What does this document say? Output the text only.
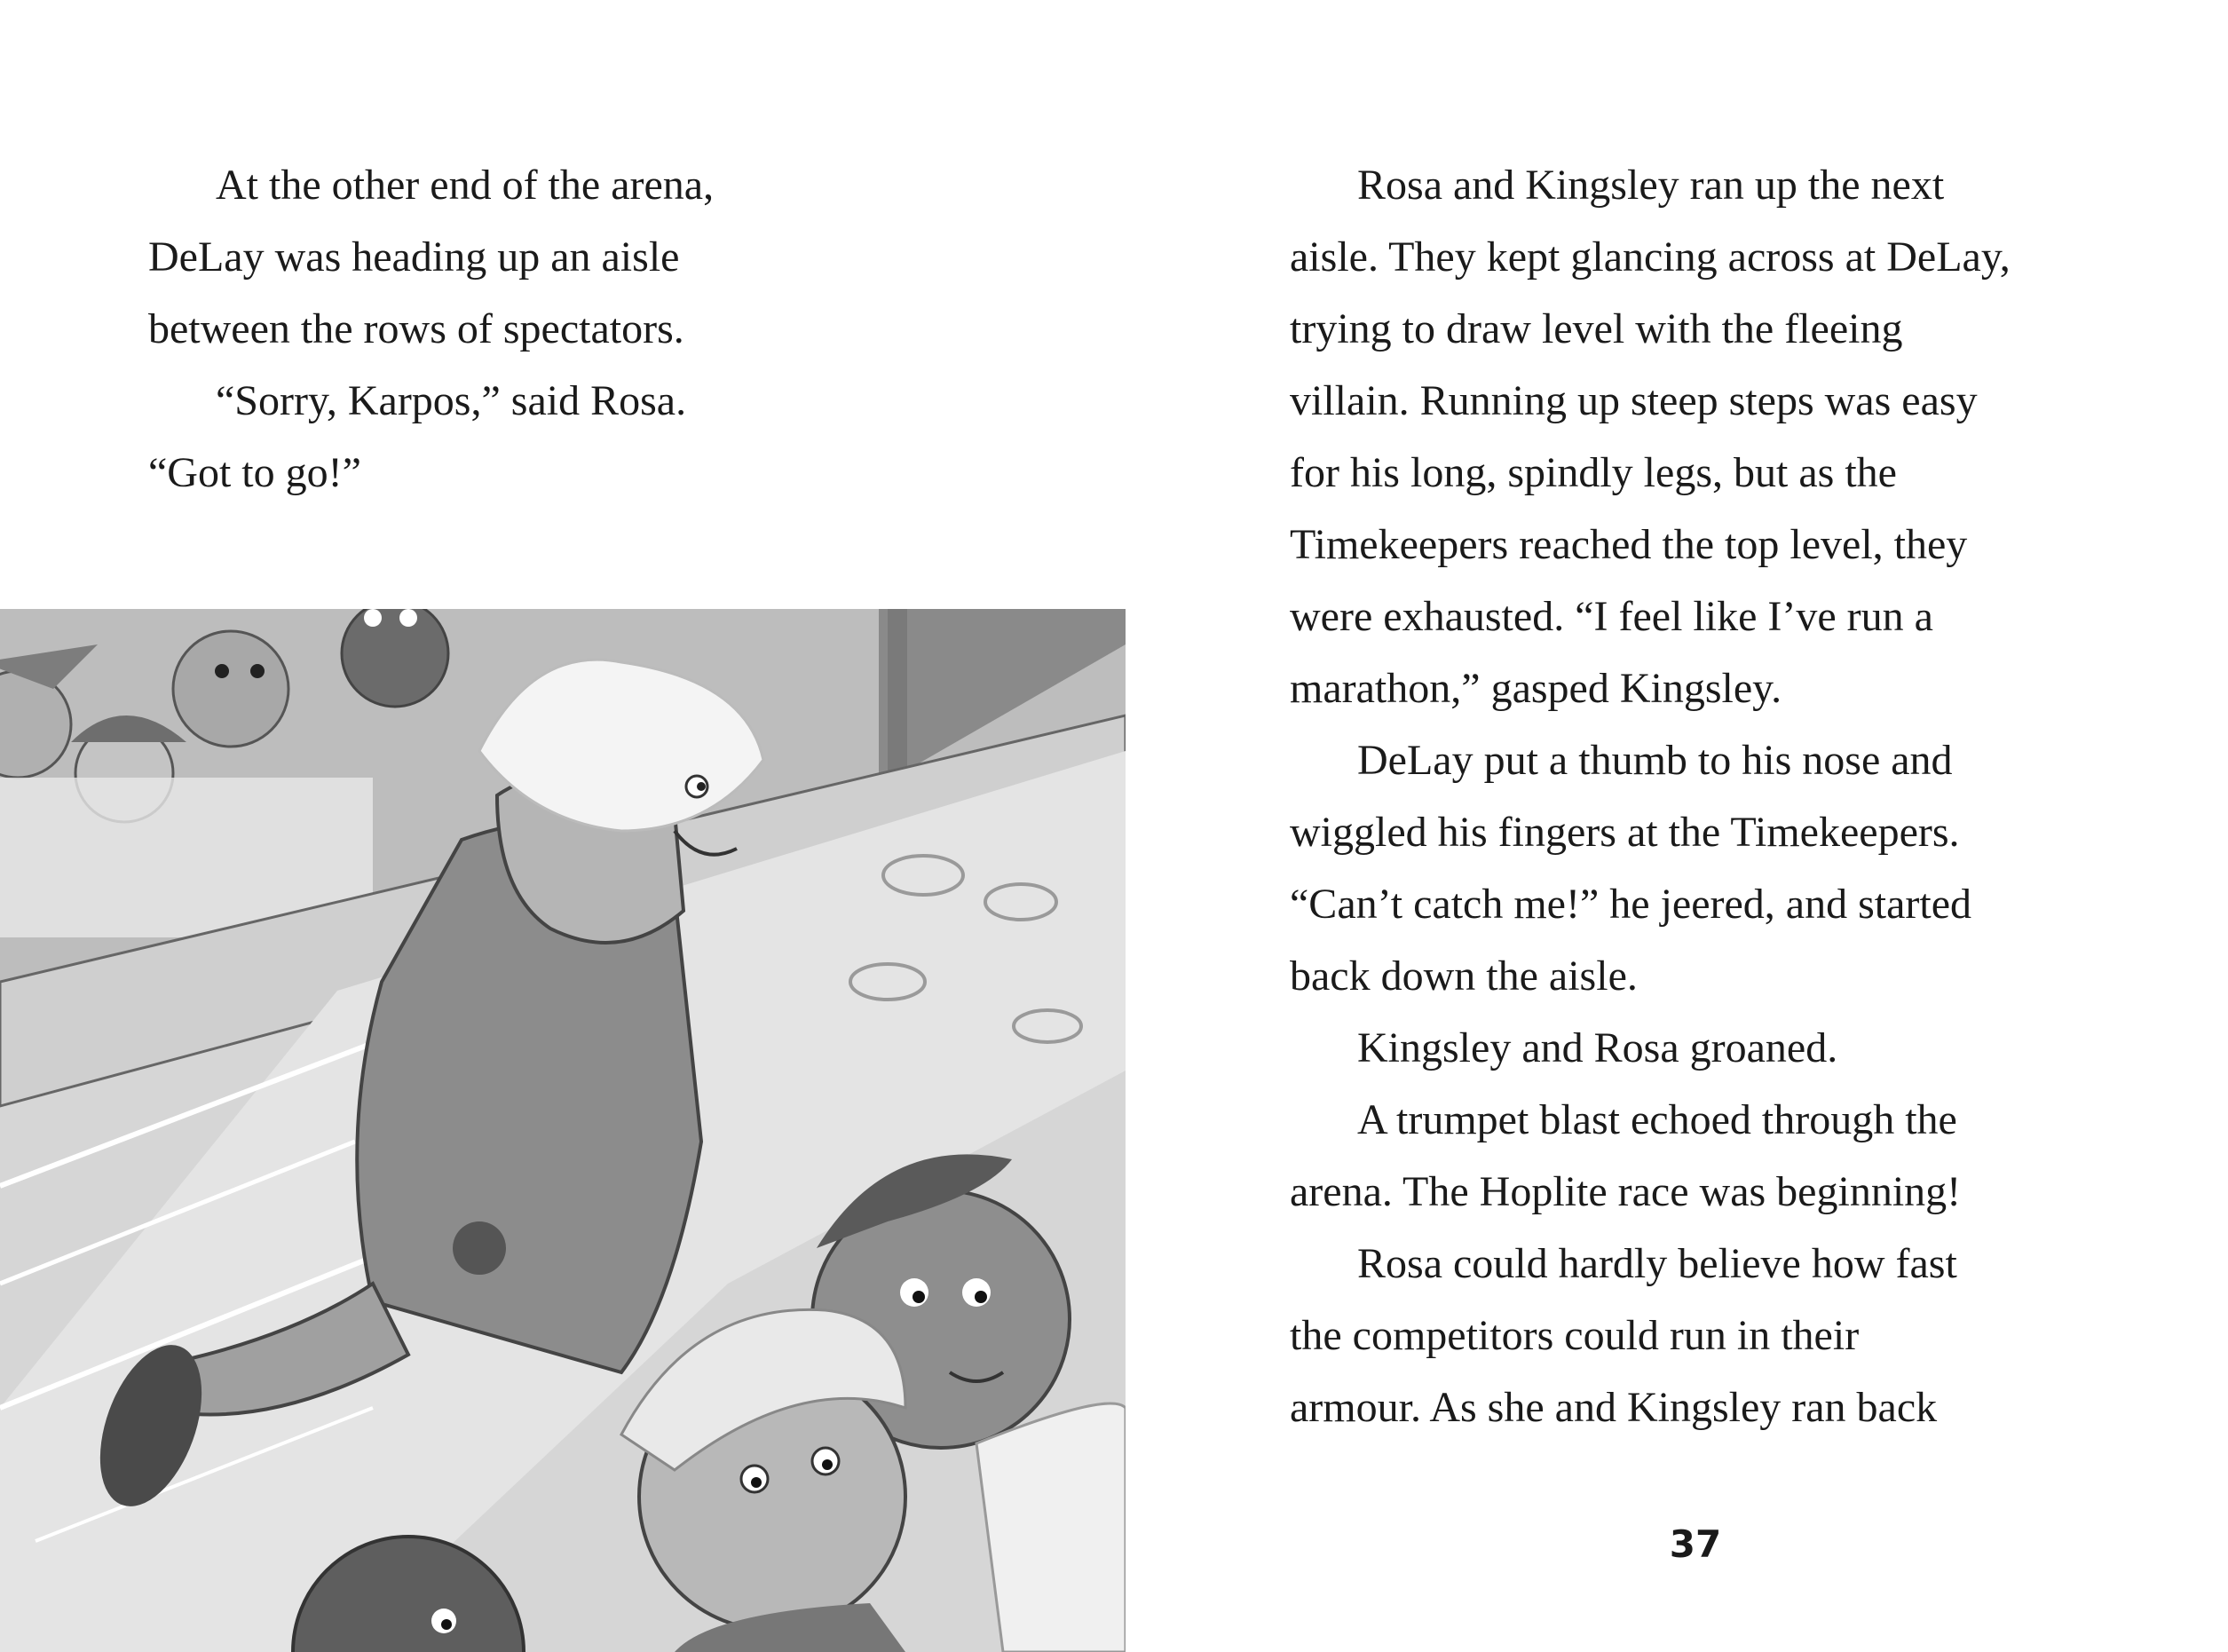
At the other end of the arena,
DeLay was heading up an aisle
between the rows of spectators.

“Sorry, Karpos,” said Rosa.
“Got to go!”

Rosa and Kingsley ran up the next
aisle. They kept glancing across at DeLay,
trying to draw level with the fleeing
villain. Running up steep steps was easy
for his long, spindly legs, but as the
Timekeepers reached the top level, they
were exhausted. “I feel like I’ve run a
marathon,” gasped Kingsley.

DeLay put a thumb to his nose and
wiggled his fingers at the Timekeepers.
“Can’t catch me!” he jeered, and started
back down the aisle.

Kingsley and Rosa groaned.

A trumpet blast echoed through the
arena. The Hoplite race was beginning!

Rosa could hardly believe how fast
the competitors could run in their
armour. As she and Kingsley ran back

37
